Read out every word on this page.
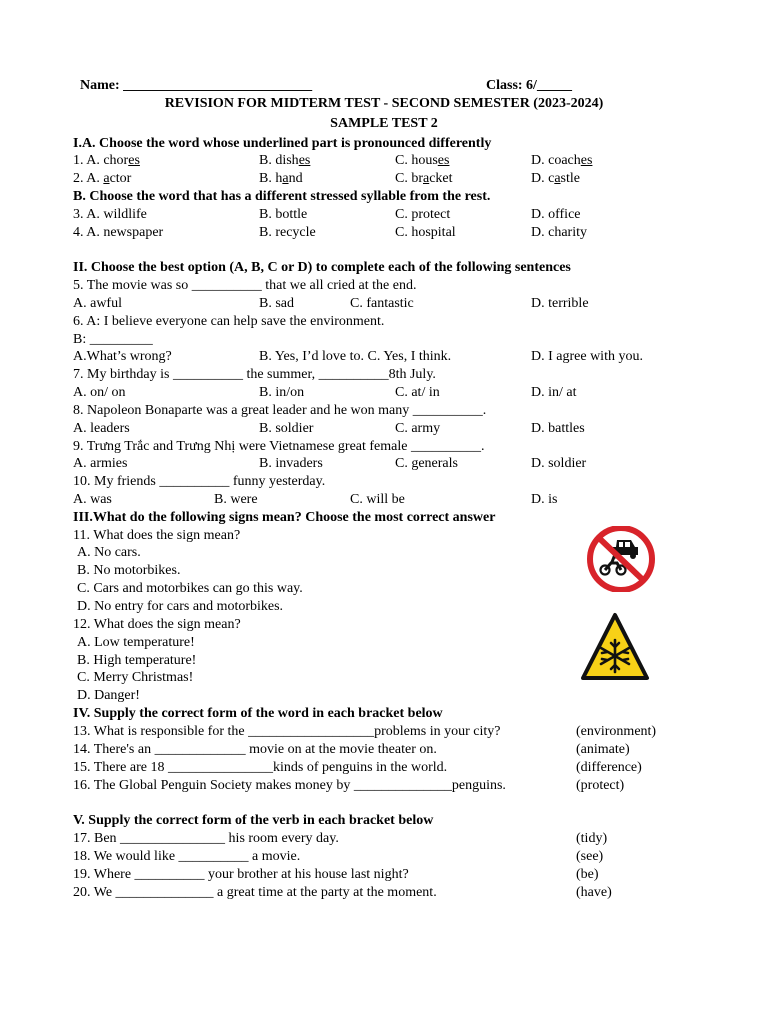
Name: ___________________________	Class: 6/_____
REVISION FOR MIDTERM TEST - SECOND SEMESTER (2023-2024)
SAMPLE TEST 2
I.A. Choose the word whose underlined part is pronounced differently
1. A. chores	B. dishes	C. houses	D. coaches
2. A. actor	B. hand	C. bracket	D. castle
B. Choose the word that has a different stressed syllable from the rest.
3. A. wildlife	B. bottle	C. protect	D. office
4. A. newspaper	B. recycle	C. hospital	D. charity
II. Choose the best option (A, B, C or D) to complete each of the following sentences
5. The movie was so __________ that we all cried at the end.
A. awful	B. sad	C. fantastic	D. terrible
6. A: I believe everyone can help save the environment.
B: _________
A.What’s wrong?	B. Yes, I’d love to. C. Yes, I think.	D. I agree with you.
7. My birthday is __________ the summer, __________8th July.
A. on/ on	B. in/on	C. at/ in	D. in/ at
8. Napoleon Bonaparte was a great leader and he won many __________.
A. leaders	B. soldier	C. army	D. battles
9. Trưng Trắc and Trưng Nhị were Vietnamese great female __________.
A. armies	B. invaders	C. generals	D. soldier
10. My friends __________ funny yesterday.
A. was	B. were	C. will be	D. is
III.What do the following signs mean? Choose the most correct answer
11. What does the sign mean?
A. No cars.
B. No motorbikes.
C. Cars and motorbikes can go this way.
D. No entry for cars and motorbikes.
12. What does the sign mean?
A. Low temperature!
B. High temperature!
C. Merry Christmas!
D. Danger!
IV. Supply the correct form of the word in each bracket below
13. What is responsible for the __________________problems in your city?	(environment)
14. There's an _____________ movie on at the movie theater on.	(animate)
15. There are 18 _______________kinds of penguins in the world.	(difference)
16. The Global Penguin Society makes money by ______________penguins.	(protect)
V. Supply the correct form of the verb in each bracket below
17. Ben _______________ his room every day.	(tidy)
18. We would like __________ a movie.	(see)
19. Where __________ your brother at his house last night?	(be)
20. We ______________ a great time at the party at the moment.	(have)
